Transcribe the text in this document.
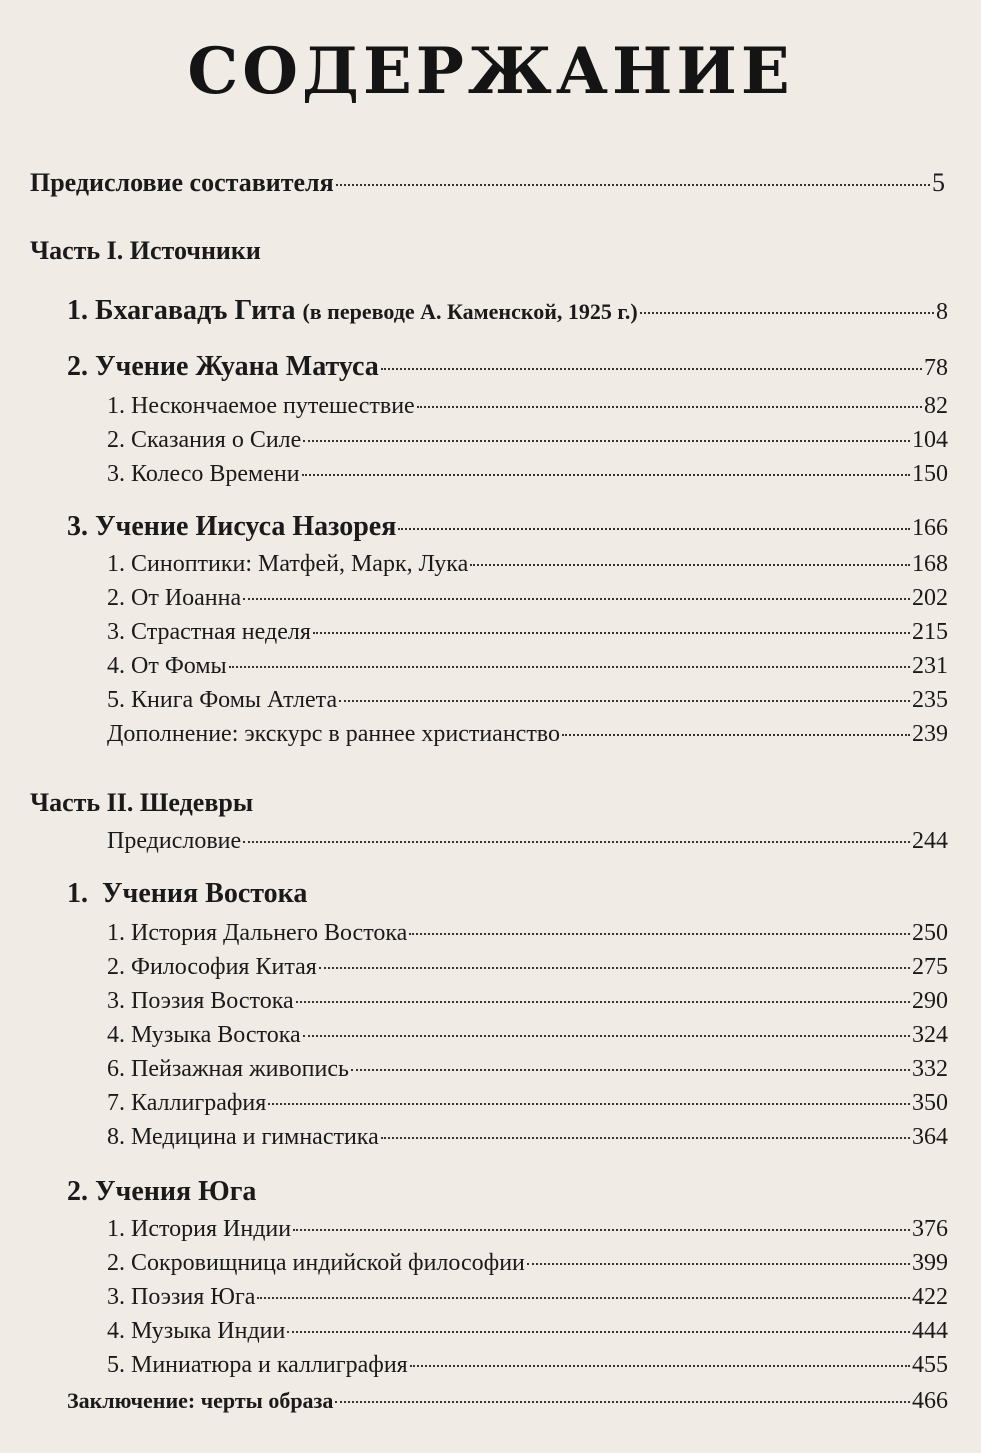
СОДЕРЖАНИЕ
Предисловие составителя	5
Часть I. Источники
1. Бхагавадъ Гита (в переводе А. Каменской, 1925 г.)	8
2. Учение Жуана Матуса	78
1. Нескончаемое путешествие	82
2. Сказания о Силе	104
3. Колесо Времени	150
3. Учение Иисуса Назорея	166
1. Синоптики: Матфей, Марк, Лука	168
2. От Иоанна	202
3. Страстная неделя	215
4. От Фомы	231
5. Книга Фомы Атлета	235
Дополнение: экскурс в раннее христианство	239
Часть II. Шедевры
Предисловие	244
1.  Учения Востока
1. История Дальнего Востока	250
2. Философия Китая	275
3. Поэзия Востока	290
4. Музыка Востока	324
6. Пейзажная живопись	332
7. Каллиграфия	350
8. Медицина и гимнастика	364
2. Учения Юга
1. История Индии	376
2. Сокровищница индийской философии	399
3. Поэзия Юга	422
4. Музыка Индии	444
5. Миниатюра и каллиграфия	455
Заключение: черты образа	466
